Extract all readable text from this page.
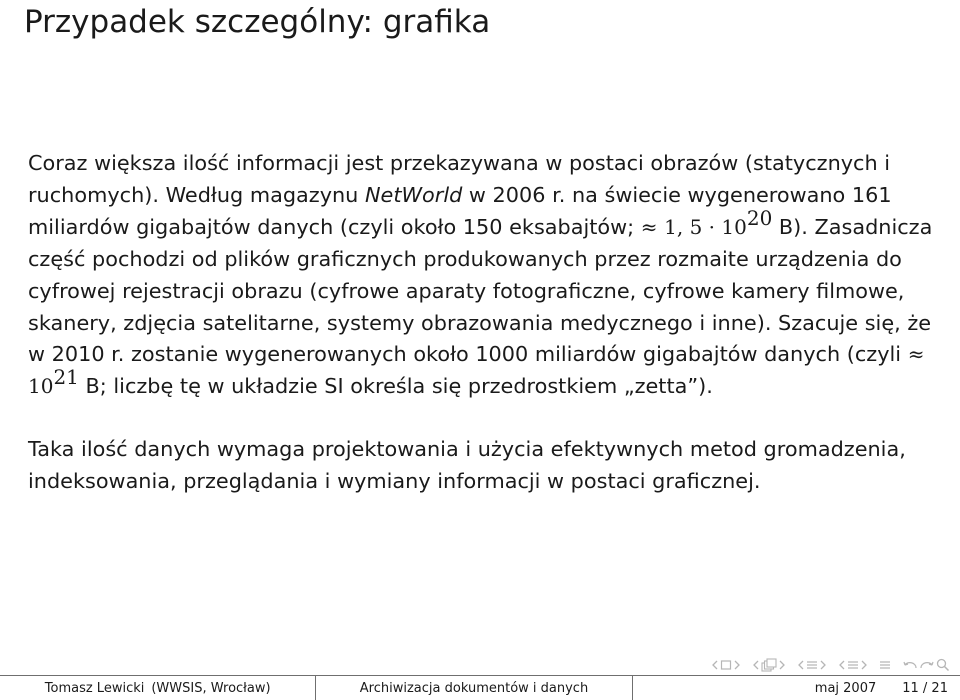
Przypadek szczególny: grafika

Coraz większa ilość informacji jest przekazywana w postaci obrazów (statycznych i ruchomych). Według magazynu NetWorld w 2006 r. na świecie wygenerowano 161 miliardów gigabajtów danych (czyli około 150 eksabajtów; ≈ 1, $5 \cdot 10^{20}$ B). Zasadnicza część pochodzi od plików graficznych produkowanych przez rozmaite urządzenia do cyfrowej rejestracji obrazu (cyfrowe aparaty fotograficzne, cyfrowe kamery filmowe, skanery, zdjęcia satelitarne, systemy obrazowania medycznego i inne). Szacuje się, że w 2010 r. zostanie wygenerowanych około 1000 miliardów gigabajtów danych (czyli ≈ $10^{21}$ B; liczbę tę w układzie SI określa się przedrostkiem „zetta”).

Taka ilość danych wymaga projektowania i użycia efektywnych metod gromadzenia, indeksowania, przeglądania i wymiany informacji w postaci graficznej.

Tomasz Lewicki (WWSIS, Wrocław)	Archiwizacja dokumentów i danych	maj 2007 11 / 21
